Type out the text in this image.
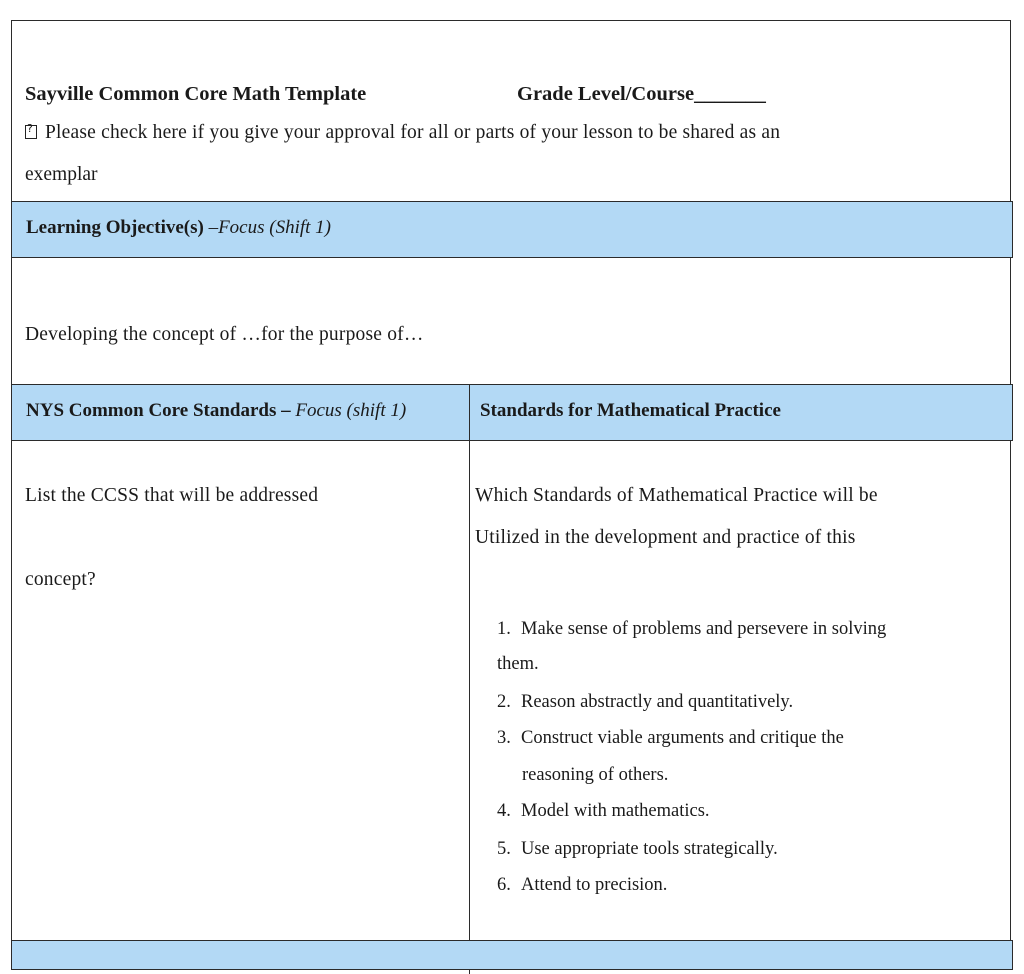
Sayville Common Core Math Template	Grade Level/Course_______
?Please check here if you give your approval for all or parts of your lesson to be shared as an
exemplar
Learning Objective(s) –Focus (Shift 1)
Developing the concept of …for the purpose of…
NYS Common Core Standards – Focus (shift 1)	Standards for Mathematical Practice
List the CCSS that will be addressed
concept?
Which Standards of Mathematical Practice will be
Utilized in the development and practice of this
1. Make sense of problems and persevere in solving
them.
2. Reason abstractly and quantitatively.
3. Construct viable arguments and critique the
reasoning of others.
4. Model with mathematics.
5. Use appropriate tools strategically.
6. Attend to precision.
